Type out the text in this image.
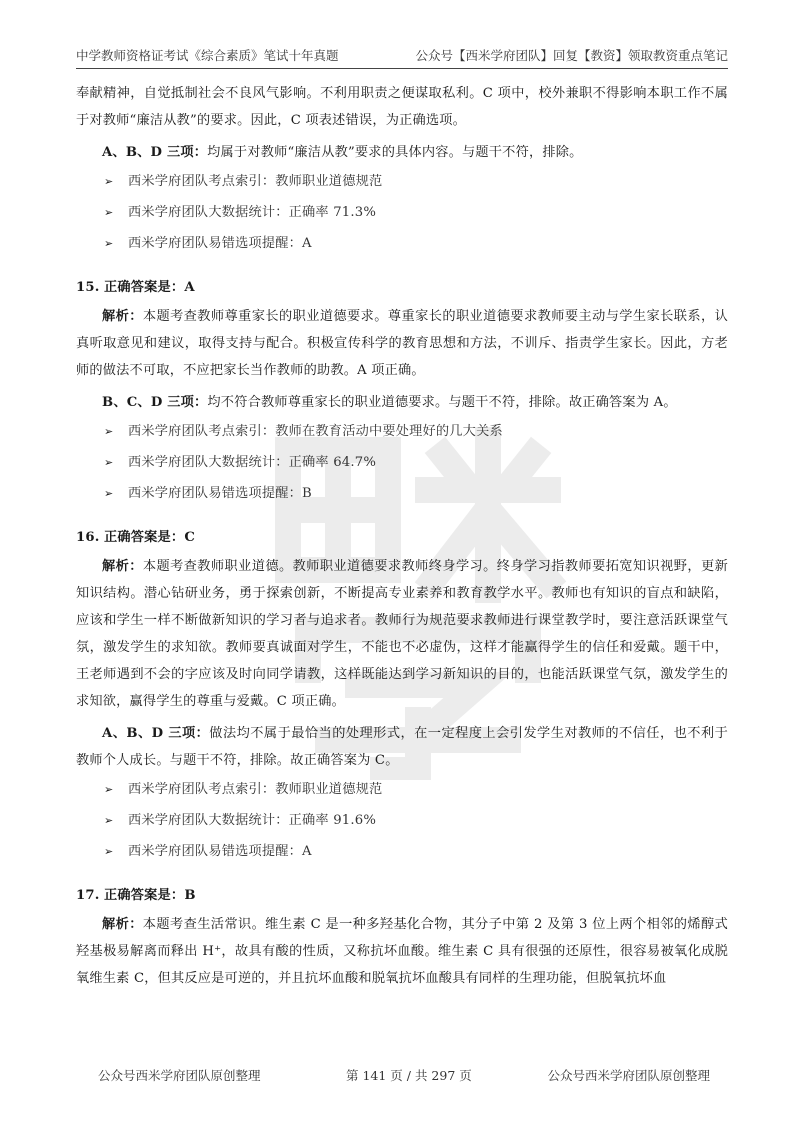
中学教师资格证考试《综合素质》笔试十年真题	公众号【西米学府团队】回复【教资】领取教资重点笔记

奉献精神，自觉抵制社会不良风气影响。不利用职责之便谋取私利。C 项中，校外兼职不得影响本职工作不属于对教师“廉洁从教”的要求。因此，C 项表述错误，为正确选项。

A、B、D 三项：均属于对教师“廉洁从教”要求的具体内容。与题干不符，排除。

➢ 西米学府团队考点索引：教师职业道德规范
➢ 西米学府团队大数据统计：正确率 71.3%
➢ 西米学府团队易错选项提醒：A

15. 正确答案是：A

解析：本题考查教师尊重家长的职业道德要求。尊重家长的职业道德要求教师要主动与学生家长联系，认真听取意见和建议，取得支持与配合。积极宣传科学的教育思想和方法，不训斥、指责学生家长。因此，方老师的做法不可取，不应把家长当作教师的助教。A 项正确。

B、C、D 三项：均不符合教师尊重家长的职业道德要求。与题干不符，排除。故正确答案为 A。

➢ 西米学府团队考点索引：教师在教育活动中要处理好的几大关系
➢ 西米学府团队大数据统计：正确率 64.7%
➢ 西米学府团队易错选项提醒：B

16. 正确答案是：C

解析：本题考查教师职业道德。教师职业道德要求教师终身学习。终身学习指教师要拓宽知识视野，更新知识结构。潜心钻研业务，勇于探索创新，不断提高专业素养和教育教学水平。教师也有知识的盲点和缺陷，应该和学生一样不断做新知识的学习者与追求者。教师行为规范要求教师进行课堂教学时，要注意活跃课堂气氛，激发学生的求知欲。教师要真诚面对学生，不能也不必虚伪，这样才能赢得学生的信任和爱戴。题干中，王老师遇到不会的字应该及时向同学请教，这样既能达到学习新知识的目的，也能活跃课堂气氛，激发学生的求知欲，赢得学生的尊重与爱戴。C 项正确。

A、B、D 三项：做法均不属于最恰当的处理形式，在一定程度上会引发学生对教师的不信任，也不利于教师个人成长。与题干不符，排除。故正确答案为 C。

➢ 西米学府团队考点索引：教师职业道德规范
➢ 西米学府团队大数据统计：正确率 91.6%
➢ 西米学府团队易错选项提醒：A

17. 正确答案是：B

解析：本题考查生活常识。维生素 C 是一种多羟基化合物，其分子中第 2 及第 3 位上两个相邻的烯醇式羟基极易解离而释出 H⁺，故具有酸的性质，又称抗坏血酸。维生素 C 具有很强的还原性，很容易被氧化成脱氧维生素 C，但其反应是可逆的，并且抗坏血酸和脱氧抗坏血酸具有同样的生理功能，但脱氧抗坏血

公众号西米学府团队原创整理	第 141 页 / 共 297 页	公众号西米学府团队原创整理
